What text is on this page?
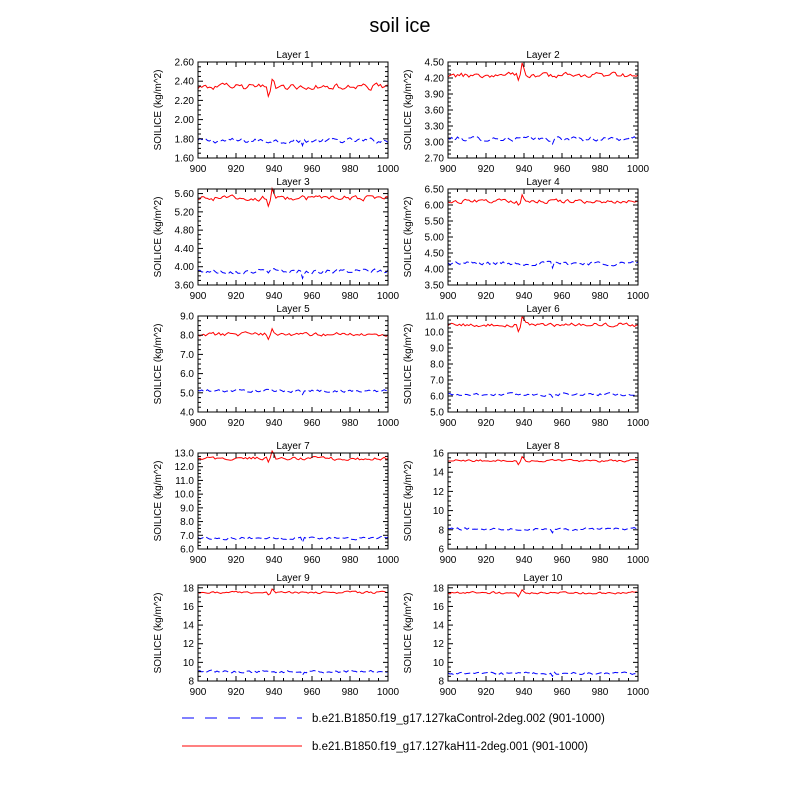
soil ice
Layer 1
900 920 940 960 980 1000
1.60
1.80
2.00
2.20
2.40
2.60
SOILICE (kg/m^2)
Layer 2
900 920 940 960 980 1000
2.70
3.00
3.30
3.60
3.90
4.20
4.50
SOILICE (kg/m^2)
Layer 3
900 920 940 960 980 1000
3.60
4.00
4.40
4.80
5.20
5.60
SOILICE (kg/m^2)
Layer 4
900 920 940 960 980 1000
3.50
4.00
4.50
5.00
5.50
6.00
6.50
SOILICE (kg/m^2)
Layer 5
900 920 940 960 980 1000
4.0
5.0
6.0
7.0
8.0
9.0
SOILICE (kg/m^2)
Layer 6
900 920 940 960 980 1000
5.0
6.0
7.0
8.0
9.0
10.0
11.0
SOILICE (kg/m^2)
Layer 7
900 920 940 960 980 1000
6.0
7.0
8.0
9.0
10.0
11.0
12.0
13.0
SOILICE (kg/m^2)
Layer 8
900 920 940 960 980 1000
6
8
10
12
14
16
SOILICE (kg/m^2)
Layer 9
900 920 940 960 980 1000
8
10
12
14
16
18
SOILICE (kg/m^2)
Layer 10
900 920 940 960 980 1000
8
10
12
14
16
18
SOILICE (kg/m^2)
b.e21.B1850.f19_g17.127kaControl-2deg.002 (901-1000)
b.e21.B1850.f19_g17.127kaH11-2deg.001 (901-1000)
